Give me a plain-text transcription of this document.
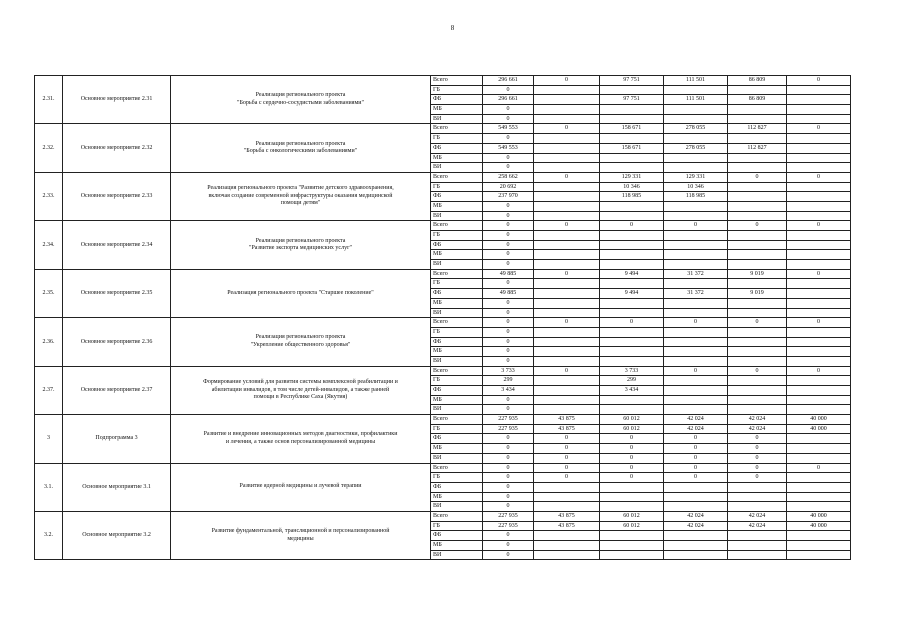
8
2.31.	Основное мероприятие 2.31	Реализация регионального проекта
"Борьба с сердечно-сосудистыми заболеваниями"	Всего	296 661	0	97 751	111 501	86 809	0
			ГБ	0					
			ФБ	296 661		97 751	111 501	86 809	
			МБ	0					
			ВИ	0					
2.32.	Основное мероприятие 2.32	Реализация регионального проекта
"Борьба с онкологическими заболеваниями"	Всего	549 553	0	158 671	278 055	112 827	0
			ГБ	0					
			ФБ	549 553		158 671	278 055	112 827	
			МБ	0					
			ВИ	0					
2.33.	Основное мероприятие 2.33	Реализация регионального проекта "Развитие детского здравоохранения,
включая создание современной инфраструктуры оказания медицинской
помощи детям"	Всего	258 662	0	129 331	129 331	0	0
			ГБ	20 692		10 346	10 346		
			ФБ	237 970		118 985	118 985		
			МБ	0					
			ВИ	0					
2.34.	Основное мероприятие 2.34	Реализация регионального проекта
"Развитие экспорта медицинских услуг"	Всего	0	0	0	0	0	0
			ГБ	0					
			ФБ	0					
			МБ	0					
			ВИ	0					
2.35.	Основное мероприятие 2.35	Реализация регионального проекта "Старшее поколение"	Всего	49 885	0	9 494	31 372	9 019	0
			ГБ	0					
			ФБ	49 885		9 494	31 372	9 019	
			МБ	0					
			ВИ	0					
2.36.	Основное мероприятие 2.36	Реализация регионального проекта
"Укрепление общественного здоровья"	Всего	0	0	0	0	0	0
			ГБ	0					
			ФБ	0					
			МБ	0					
			ВИ	0					
2.37.	Основное мероприятие 2.37	Формирование условий для развития системы комплексной реабилитации и
абилитации инвалидов, в том числе детей-инвалидов, а также ранней
помощи в Республике Саха (Якутия)	Всего	3 733	0	3 733	0	0	0
			ГБ	299		299			
			ФБ	3 434		3 434			
			МБ	0					
			ВИ	0					
3	Подпрограмма 3	Развитие и внедрение инновационных методов диагностики, профилактики
и лечения, а также основ персонализированной медицины	Всего	227 935	43 875	60 012	42 024	42 024	40 000
			ГБ	227 935	43 875	60 012	42 024	42 024	40 000
			ФБ	0	0	0	0	0	
			МБ	0	0	0	0	0	
			ВИ	0	0	0	0	0	
3.1.	Основное мероприятие 3.1	Развитие ядерной медицины и лучевой терапии	Всего	0	0	0	0	0	0
			ГБ	0	0	0	0	0	
			ФБ	0					
			МБ	0					
			ВИ	0					
3.2.	Основное мероприятие 3.2	Развитие фундаментальной, трансляционной и персонализированной
медицины	Всего	227 935	43 875	60 012	42 024	42 024	40 000
			ГБ	227 935	43 875	60 012	42 024	42 024	40 000
			ФБ	0					
			МБ	0					
			ВИ	0					
